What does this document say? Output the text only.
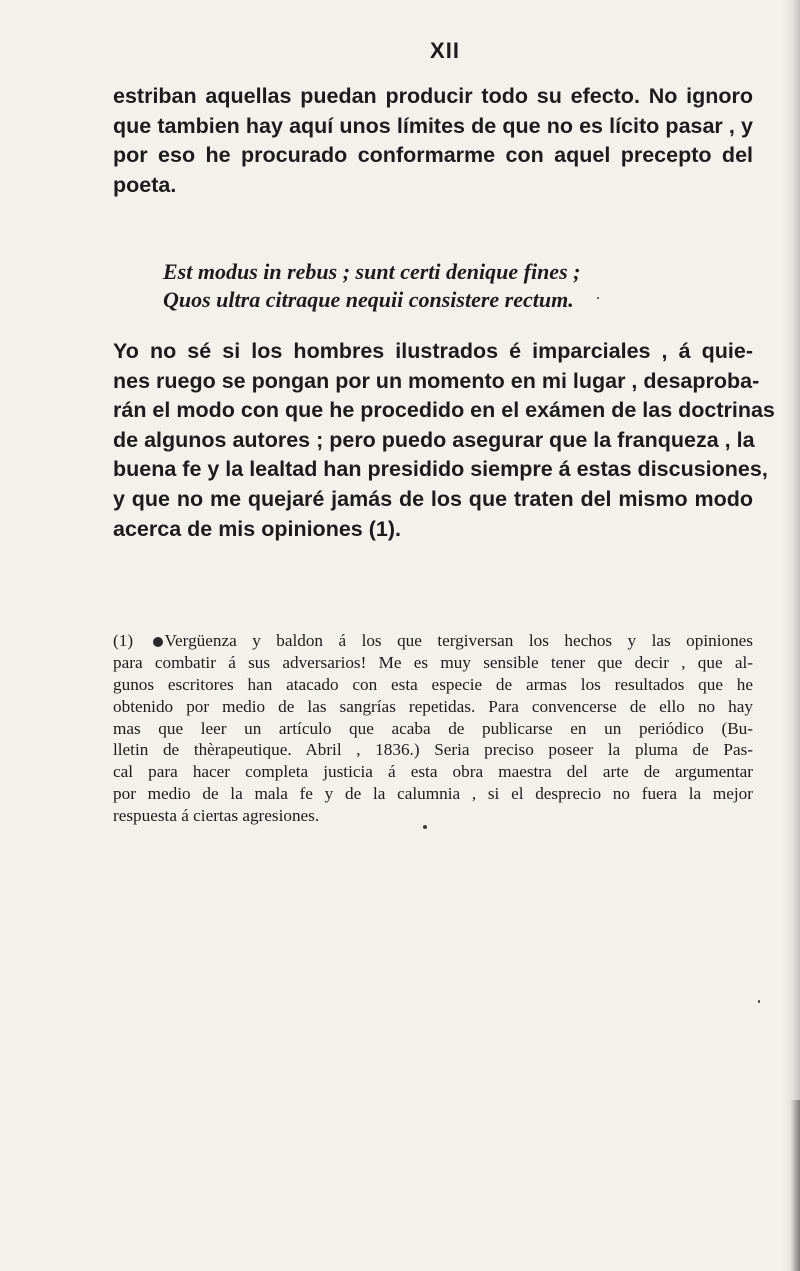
XII
estriban aquellas puedan producir todo su efecto. No ignoro
que tambien hay aquí unos límites de que no es lícito pasar , y
por eso he procurado conformarme con aquel precepto del
poeta.
Est modus in rebus ; sunt certi denique fines ;
Quos ultra citraque nequii consistere rectum.
Yo no sé si los hombres ilustrados é imparciales , á quie-
nes ruego se pongan por un momento en mi lugar , desaproba-
rán el modo con que he procedido en el exámen de las doctrinas
de algunos autores ; pero puedo asegurar que la franqueza , la
buena fe y la lealtad han presidido siempre á estas discusiones,
y que no me quejaré jamás de los que traten del mismo modo
acerca de mis opiniones (1).
(1) Vergüenza y baldon á los que tergiversan los hechos y las opiniones
para combatir á sus adversarios! Me es muy sensible tener que decir , que al-
gunos escritores han atacado con esta especie de armas los resultados que he
obtenido por medio de las sangrías repetidas. Para convencerse de ello no hay
mas que leer un artículo que acaba de publicarse en un periódico (Bu-
lletin de thèrapeutique. Abril , 1836.) Seria preciso poseer la pluma de Pas-
cal para hacer completa justicia á esta obra maestra del arte de argumentar
por medio de la mala fe y de la calumnia , si el desprecio no fuera la mejor
respuesta á ciertas agresiones.
